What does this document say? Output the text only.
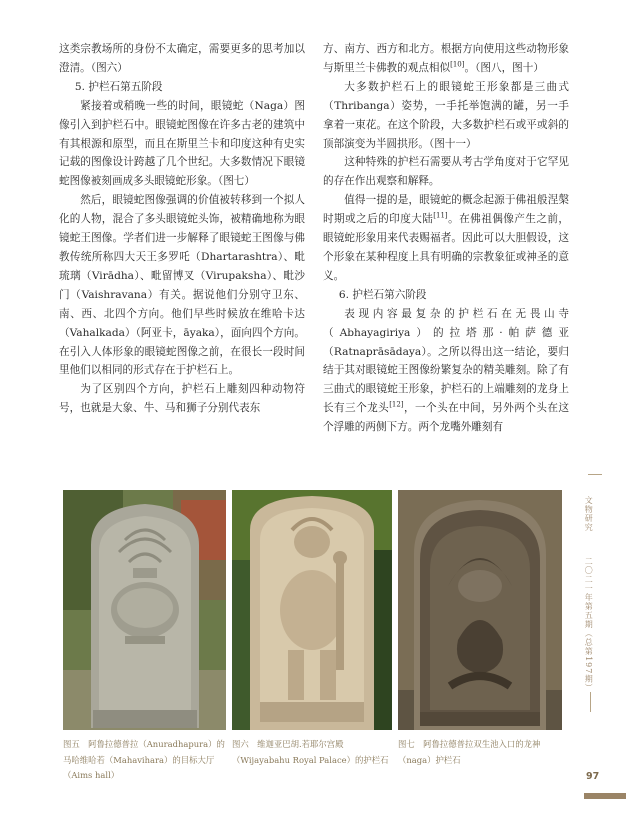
这类宗教场所的身份不太确定，需要更多的思考加以澄清。（图六）

5. 护栏石第五阶段

紧接着或稍晚一些的时间，眼镜蛇（Naga）图像引入到护栏石中。眼镜蛇图像在许多古老的建筑中有其根源和原型，而且在斯里兰卡和印度这种有史实记载的图像设计跨越了几个世纪。大多数情况下眼镜蛇图像被刻画成多头眼镜蛇形象。（图七）

然后，眼镜蛇图像强调的价值被转移到一个拟人化的人物，混合了多头眼镜蛇头饰，被精确地称为眼镜蛇王图像。学者们进一步解释了眼镜蛇王图像与佛教传统所称四大天王多罗吒（Dhartarashtra）、毗琉璃（Virādha）、毗留博叉（Virupaksha）、毗沙门（Vaishravana）有关。据说他们分别守卫东、南、西、北四个方向。他们早些时候放在维哈卡达（Vahalkada）（阿亚卡，āyaka），面向四个方向。在引入人体形象的眼镜蛇图像之前，在很长一段时间里他们以相同的形式存在于护栏石上。

为了区别四个方向，护栏石上雕刻四种动物符号，也就是大象、牛、马和狮子分别代表东

方、南方、西方和北方。根据方向使用这些动物形象与斯里兰卡佛教的观点相似[10]。（图八，图十）

大多数护栏石上的眼镜蛇王形象都是三曲式（Thribanga）姿势，一手托举饱满的罐，另一手拿着一束花。在这个阶段，大多数护栏石或平或斜的顶部演变为半圆拱形。（图十一）

这种特殊的护栏石需要从考古学角度对于它罕见的存在作出观察和解释。

值得一提的是，眼镜蛇的概念起源于佛祖般涅槃时期或之后的印度大陆[11]。在佛祖偶像产生之前，眼镜蛇形象用来代表赐福者。因此可以大胆假设，这个形象在某种程度上具有明确的宗教象征或神圣的意义。

6. 护栏石第六阶段

表现内容最复杂的护栏石在无畏山寺（Abhayagiriya）的拉塔那·帕萨德亚（Ratnaprāsādaya）。之所以得出这一结论，要归结于其对眼镜蛇王图像纷繁复杂的精美雕刻。除了有三曲式的眼镜蛇王形象，护栏石的上端雕刻的龙身上长有三个龙头[12]，一个头在中间，另外两个头在这个浮雕的两侧下方。两个龙嘴外雕刻有

图五　阿鲁拉德普拉（Anuradhapura）的马哈维哈若（Mahavihara）的目标大厅（Aims hall）
图六　维迦亚巴胡.若耶尔宫殿（Wijayabahu Royal Palace）的护栏石
图七　阿鲁拉德普拉双生池入口的龙神（naga）护栏石
文物研究  二〇二一年第五期（总第197期）
97
